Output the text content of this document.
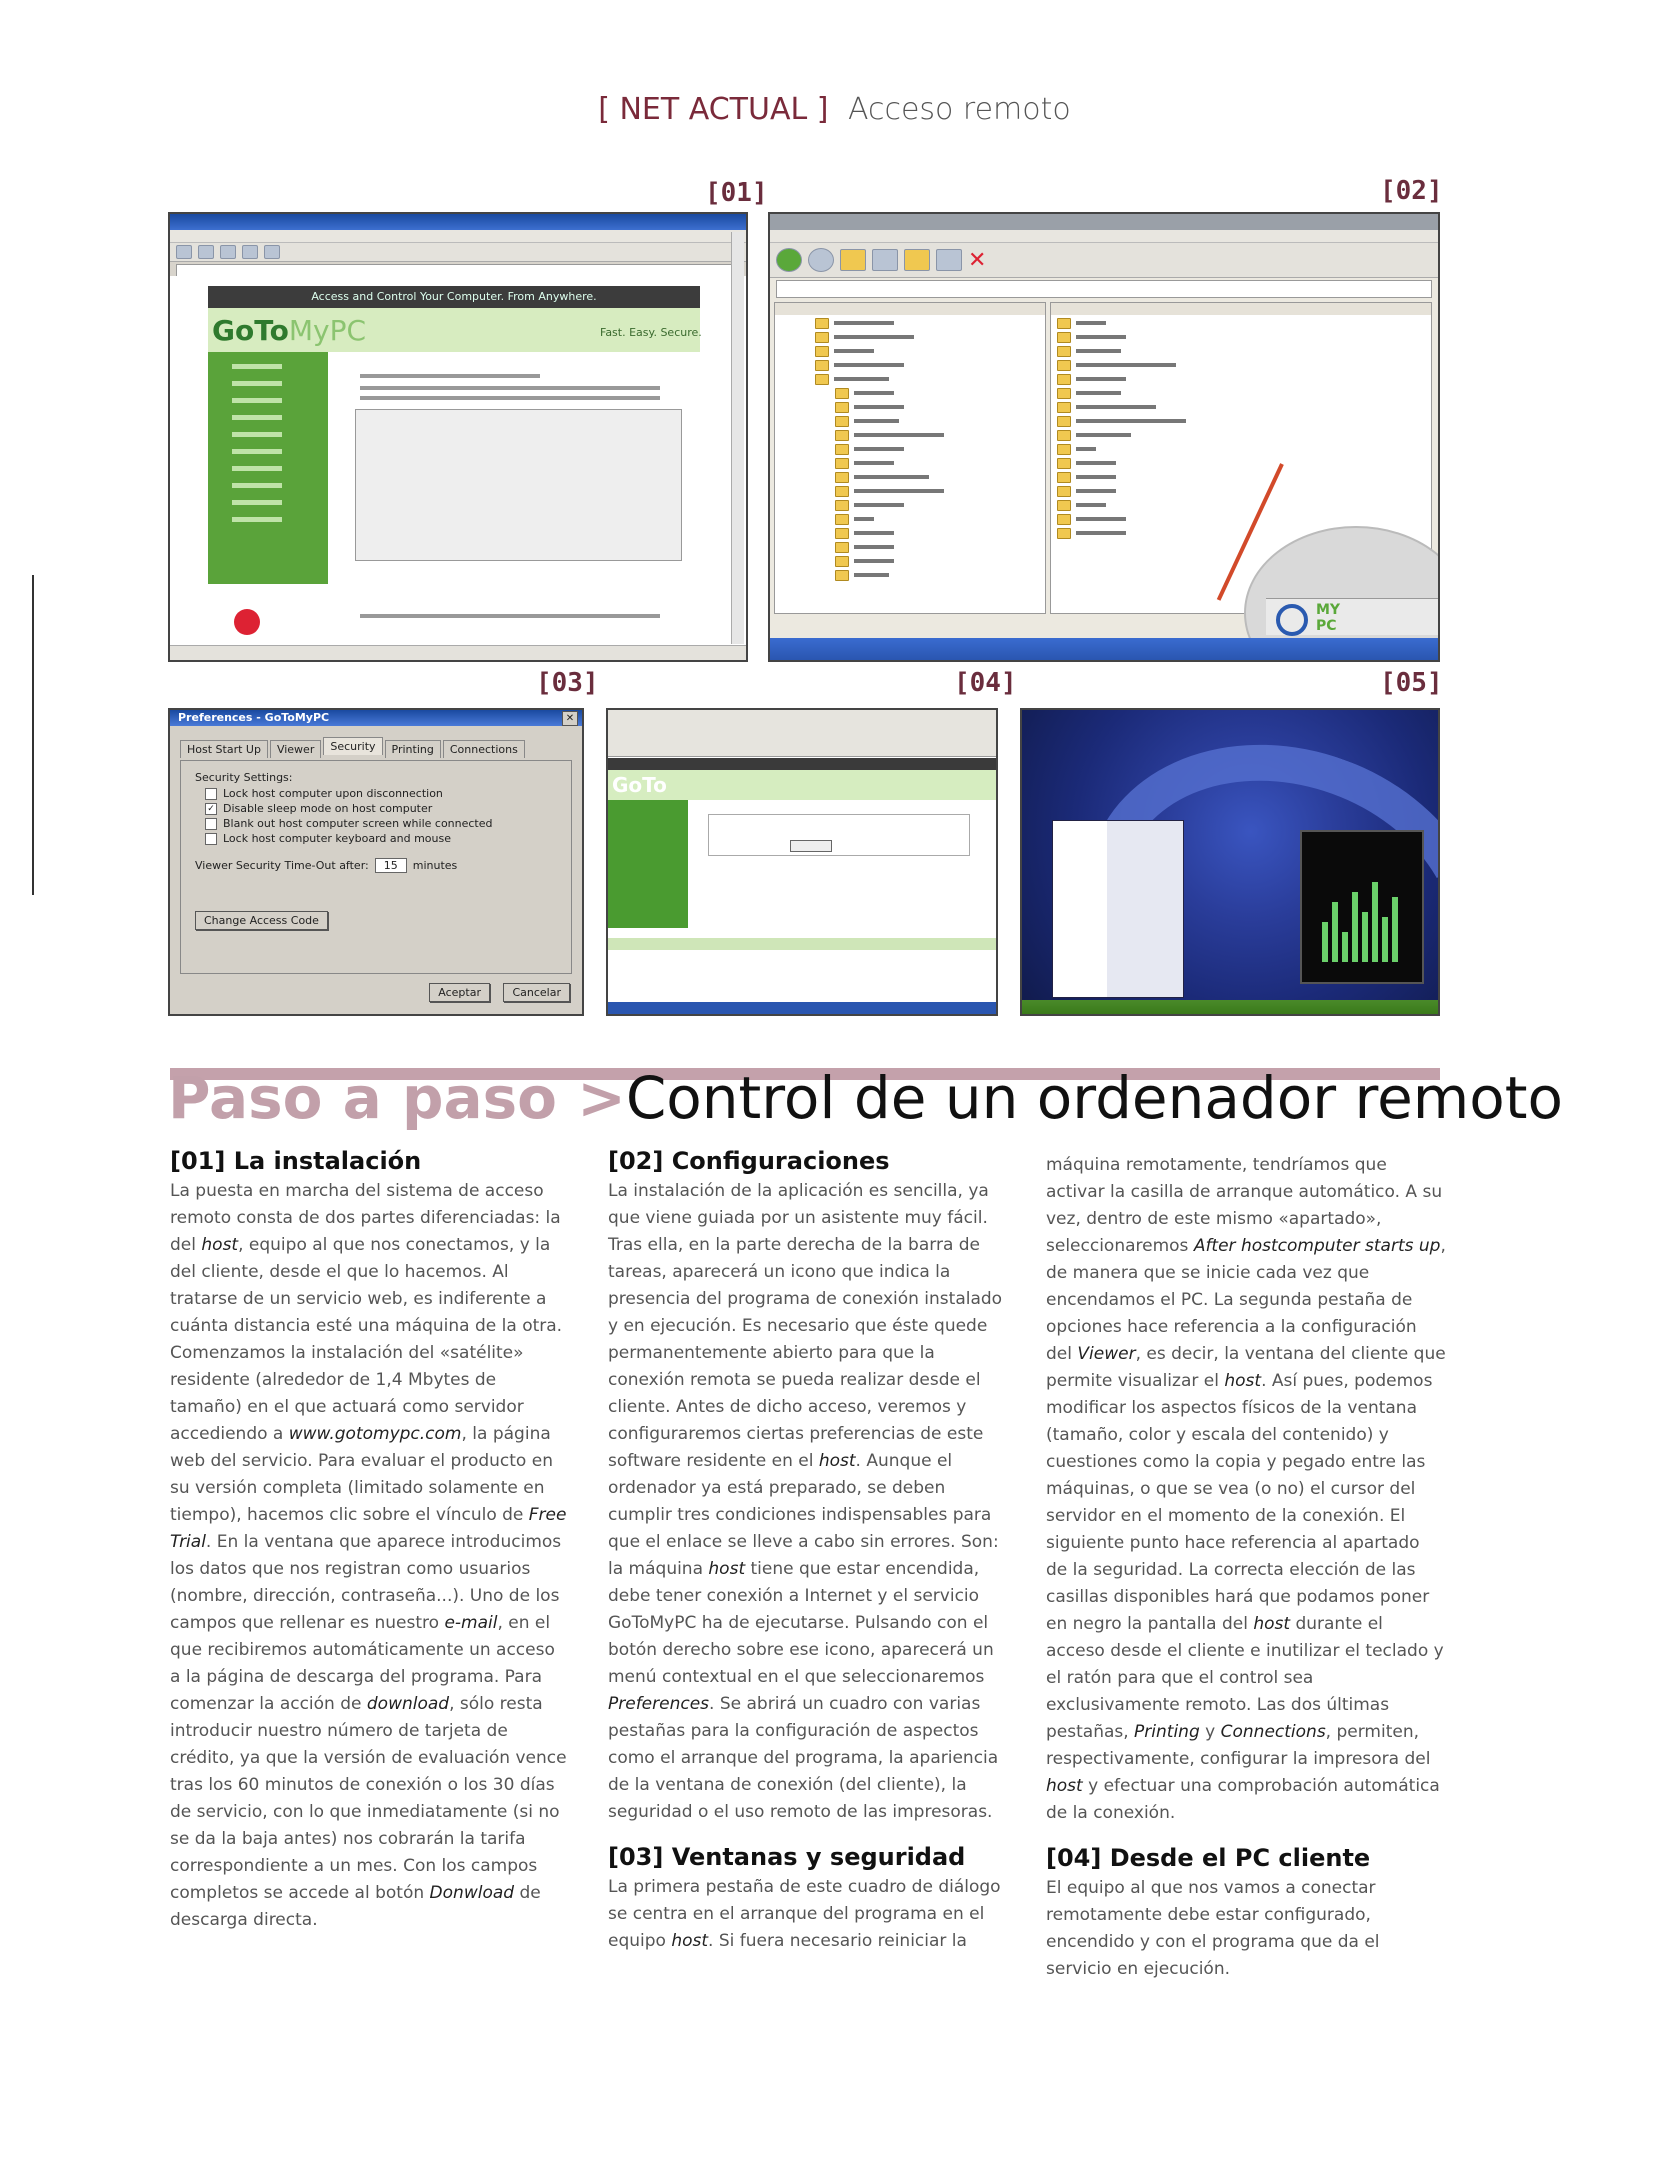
[ NET ACTUAL ] Acceso remoto
[01]	[02]
[03]	[04]	[05]
Access and Control Your Computer. From Anywhere.
GoToMyPC	Fast. Easy. Secure.
✕
MY
PC
Preferences - GoToMyPC	✕
Host Start Up	Viewer	Security	Printing	Connections
Security Settings:
Lock host computer upon disconnection
✓ Disable sleep mode on host computer
Blank out host computer screen while connected
Lock host computer keyboard and mouse
Viewer Security Time-Out after:	15	minutes
Change Access Code
Aceptar	Cancelar
GoTo
Paso a paso >Control de un ordenador remoto
[01] La instalación

La puesta en marcha del sistema de acceso remoto consta de dos partes diferenciadas: la del host, equipo al que nos conectamos, y la del cliente, desde el que lo hacemos. Al tratarse de un servicio web, es indiferente a cuánta distancia esté una máquina de la otra. Comenzamos la instalación del «satélite» residente (alrededor de 1,4 Mbytes de tamaño) en el que actuará como servidor accediendo a www.gotomypc.com, la página web del servicio. Para evaluar el producto en su versión completa (limitado solamente en tiempo), hacemos clic sobre el vínculo de Free Trial. En la ventana que aparece introducimos los datos que nos registran como usuarios (nombre, dirección, contraseña...). Uno de los campos que rellenar es nuestro e-mail, en el que recibiremos automáticamente un acceso a la página de descarga del programa. Para comenzar la acción de download, sólo resta introducir nuestro número de tarjeta de crédito, ya que la versión de evaluación vence tras los 60 minutos de conexión o los 30 días de servicio, con lo que inmediatamente (si no se da la baja antes) nos cobrarán la tarifa correspondiente a un mes. Con los campos completos se accede al botón Donwload de descarga directa.

[02] Configuraciones

La instalación de la aplicación es sencilla, ya que viene guiada por un asistente muy fácil. Tras ella, en la parte derecha de la barra de tareas, aparecerá un icono que indica la presencia del programa de conexión instalado y en ejecución. Es necesario que éste quede permanentemente abierto para que la conexión remota se pueda realizar desde el cliente. Antes de dicho acceso, veremos y configuraremos ciertas preferencias de este software residente en el host. Aunque el ordenador ya está preparado, se deben cumplir tres condiciones indispensables para que el enlace se lleve a cabo sin errores. Son: la máquina host tiene que estar encendida, debe tener conexión a Internet y el servicio GoToMyPC ha de ejecutarse. Pulsando con el botón derecho sobre ese icono, aparecerá un menú contextual en el que seleccionaremos Preferences. Se abrirá un cuadro con varias pestañas para la configuración de aspectos como el arranque del programa, la apariencia de la ventana de conexión (del cliente), la seguridad o el uso remoto de las impresoras.

[03] Ventanas y seguridad

La primera pestaña de este cuadro de diálogo se centra en el arranque del programa en el equipo host. Si fuera necesario reiniciar la

máquina remotamente, tendríamos que activar la casilla de arranque automático. A su vez, dentro de este mismo «apartado», seleccionaremos After hostcomputer starts up, de manera que se inicie cada vez que encendamos el PC. La segunda pestaña de opciones hace referencia a la configuración del Viewer, es decir, la ventana del cliente que permite visualizar el host. Así pues, podemos modificar los aspectos físicos de la ventana (tamaño, color y escala del contenido) y cuestiones como la copia y pegado entre las máquinas, o que se vea (o no) el cursor del servidor en el momento de la conexión. El siguiente punto hace referencia al apartado de la seguridad. La correcta elección de las casillas disponibles hará que podamos poner en negro la pantalla del host durante el acceso desde el cliente e inutilizar el teclado y el ratón para que el control sea exclusivamente remoto. Las dos últimas pestañas, Printing y Connections, permiten, respectivamente, configurar la impresora del host y efectuar una comprobación automática de la conexión.

[04] Desde el PC cliente

El equipo al que nos vamos a conectar remotamente debe estar configurado, encendido y con el programa que da el servicio en ejecución.
